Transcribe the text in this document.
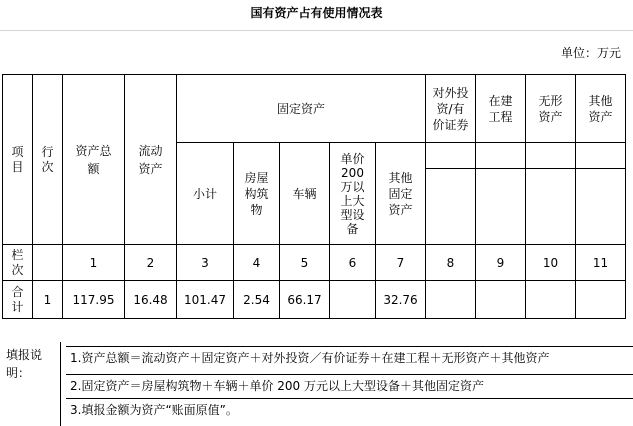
国有资产占有使用情况表
单位：万元
项目	行次	资产总额	流动资产	固定资产					对外投资/有价证券	在建工程	无形资产	其他资产
				小计	房屋构筑物	车辆	单价200万以上大型设备	其他固定资产				

栏次		1	2	3	4	5	6	7	8	9	10	11
合计	1	117.95	16.48	101.47	2.54	66.17		32.76				
填报说明：
1.资产总额＝流动资产＋固定资产＋对外投资／有价证券＋在建工程＋无形资产＋其他资产
2.固定资产＝房屋构筑物＋车辆＋单价 200 万元以上大型设备＋其他固定资产
3.填报金额为资产“账面原值”。
